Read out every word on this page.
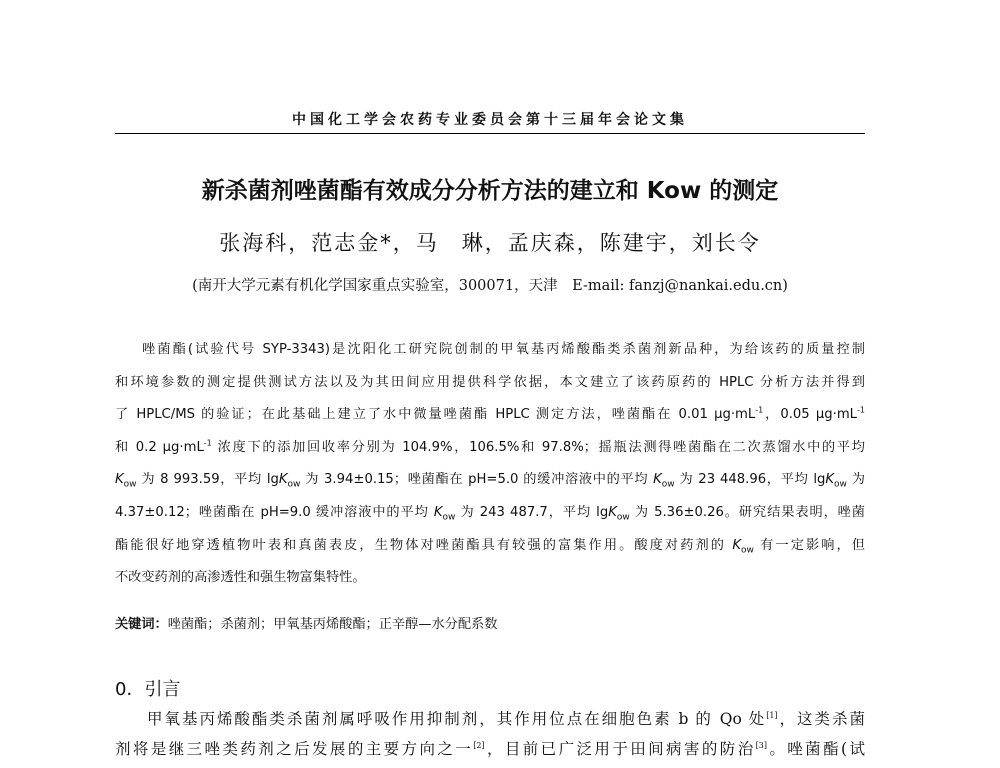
中国化工学会农药专业委员会第十三届年会论文集
新杀菌剂唑菌酯有效成分分析方法的建立和 Kow 的测定
张海科，范志金*，马　琳，孟庆森，陈建宇，刘长令
(南开大学元素有机化学国家重点实验室，300071，天津　E-mail: fanzj@nankai.edu.cn)
唑菌酯(试验代号 SYP-3343)是沈阳化工研究院创制的甲氧基丙烯酸酯类杀菌剂新品种，为给该药的质量控制
和环境参数的测定提供测试方法以及为其田间应用提供科学依据，本文建立了该药原药的 HPLC 分析方法并得到
了 HPLC/MS 的验证；在此基础上建立了水中微量唑菌酯 HPLC 测定方法，唑菌酯在 0.01 $\mu g\cdot mL^{-1}$，0.05 $\mu g\cdot mL^{-1}$
和 0.2 $\mu g\cdot mL^{-1}$ 浓度下的添加回收率分别为 104.9%，106.5%和 97.8%；摇瓶法测得唑菌酯在二次蒸馏水中的平均
$K_{ow}$ 为 8 993.59，平均 lgK$_{ow}$ 为 3.94±0.15；唑菌酯在 pH=5.0 的缓冲溶液中的平均 $K_{ow}$ 为 23 448.96，平均 lgK$_{ow}$ 为
4.37±0.12；唑菌酯在 pH=9.0 缓冲溶液中的平均 $K_{ow}$ 为 243 487.7，平均 lgK$_{ow}$ 为 5.36±0.26。研究结果表明，唑菌
酯能很好地穿透植物叶表和真菌表皮，生物体对唑菌酯具有较强的富集作用。酸度对药剂的 $K_{ow}$ 有一定影响，但
不改变药剂的高渗透性和强生物富集特性。
关键词：唑菌酯；杀菌剂；甲氧基丙烯酸酯；正辛醇—水分配系数
0．引言
甲氧基丙烯酸酯类杀菌剂属呼吸作用抑制剂，其作用位点在细胞色素 b 的 Qo 处[1]，这类杀菌
剂将是继三唑类药剂之后发展的主要方向之一[2]，目前已广泛用于田间病害的防治[3]。唑菌酯(试
